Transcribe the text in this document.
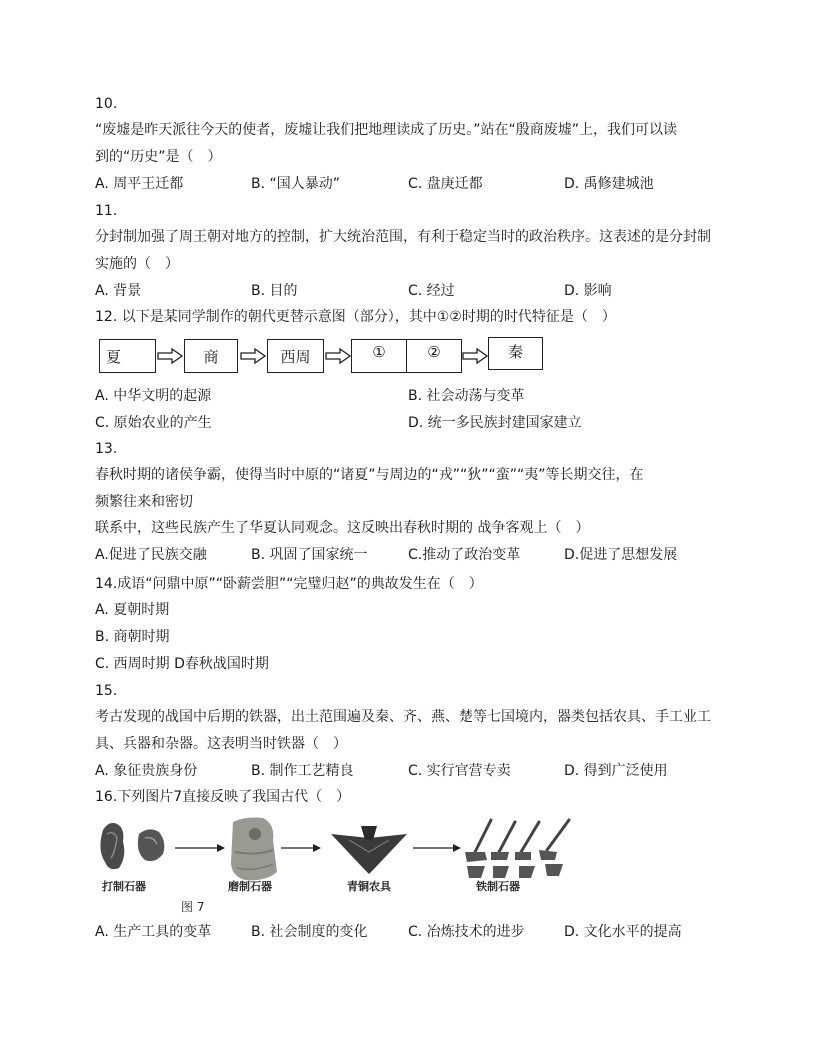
10.
“废墟是昨天派往今天的使者，废墟让我们把地理读成了历史。”站在“殷商废墟”上，我们可以读
到的“历史”是（　）
A. 周平王迁都	B. “国人暴动”	C. 盘庚迁都	D. 禹修建城池
11.
分封制加强了周王朝对地方的控制，扩大统治范围，有利于稳定当时的政治秩序。这表述的是分封制
实施的（　）
A. 背景	B. 目的	C. 经过	D. 影响
12. 以下是某同学制作的朝代更替示意图（部分），其中①②时期的时代特征是（　）
夏	商	西周	①	②	秦
A. 中华文明的起源	B. 社会动荡与变革
C. 原始农业的产生	D. 统一多民族封建国家建立
13.
春秋时期的诸侯争霸，使得当时中原的“诸夏”与周边的“戎”“狄”“蛮”“夷”等长期交往，在
频繁往来和密切
联系中，这些民族产生了华夏认同观念。这反映出春秋时期的 战争客观上（　）
A.促进了民族交融	B. 巩固了国家统一	C.推动了政治变革	D.促进了思想发展
14.成语“问鼎中原”“卧薪尝胆”“完璧归赵”的典故发生在（　）
A. 夏朝时期
B. 商朝时期
C. 西周时期 D春秋战国时期
15.
考古发现的战国中后期的铁器，出土范围遍及秦、齐、燕、楚等七国境内，器类包括农具、手工业工
具、兵器和杂器。这表明当时铁器（　）
A. 象征贵族身份	B. 制作工艺精良	C. 实行官营专卖	D. 得到广泛使用
16.下列图片7直接反映了我国古代（　）
打制石器	磨制石器	青铜农具	铁制石器
图 7
A. 生产工具的变革	B. 社会制度的变化	C. 冶炼技术的进步	D. 文化水平的提高
